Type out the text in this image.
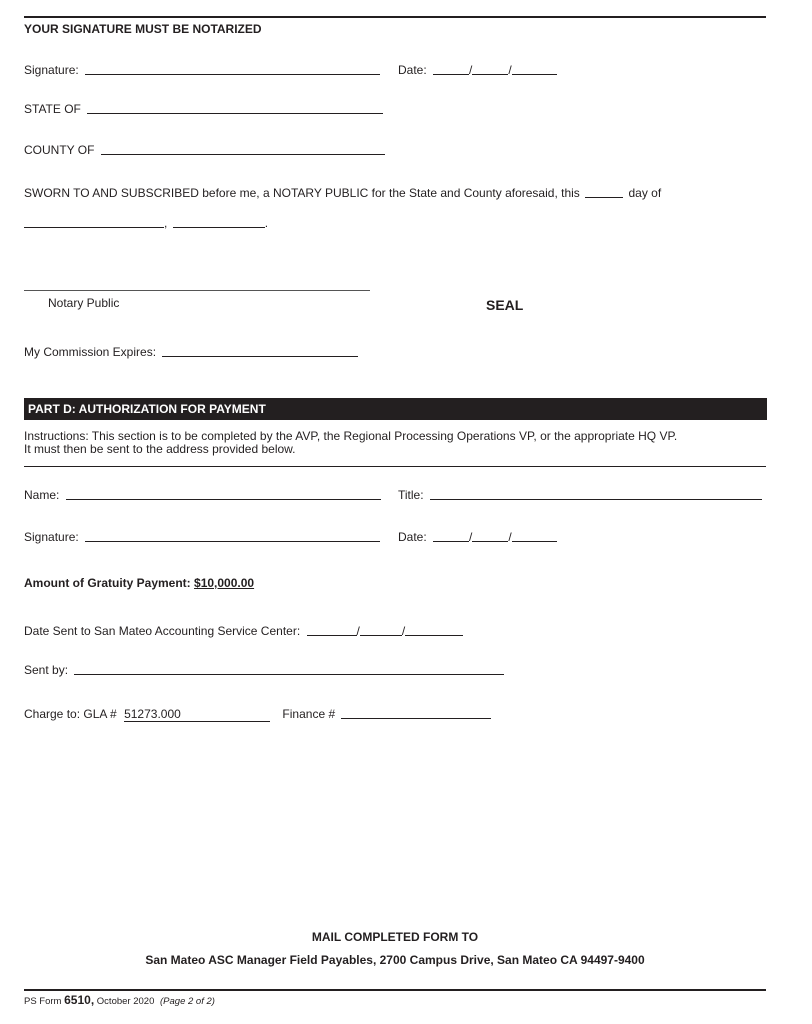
YOUR SIGNATURE MUST BE NOTARIZED
Signature:	Date:	/	/
STATE OF
COUNTY OF
SWORN TO AND SUBSCRIBED before me, a NOTARY PUBLIC for the State and County aforesaid, this	day of
,	.
Notary Public	SEAL
My Commission Expires:
PART D: AUTHORIZATION FOR PAYMENT
Instructions: This section is to be completed by the AVP, the Regional Processing Operations VP, or the appropriate HQ VP.
It must then be sent to the address provided below.
Name:	Title:
Signature:	Date:	/	/
Amount of Gratuity Payment: $10,000.00
Date Sent to San Mateo Accounting Service Center:	/	/
Sent by:
Charge to: GLA # 51273.000	Finance #
MAIL COMPLETED FORM TO
San Mateo ASC Manager Field Payables, 2700 Campus Drive, San Mateo CA 94497-9400
PS Form 6510, October 2020 (Page 2 of 2)
